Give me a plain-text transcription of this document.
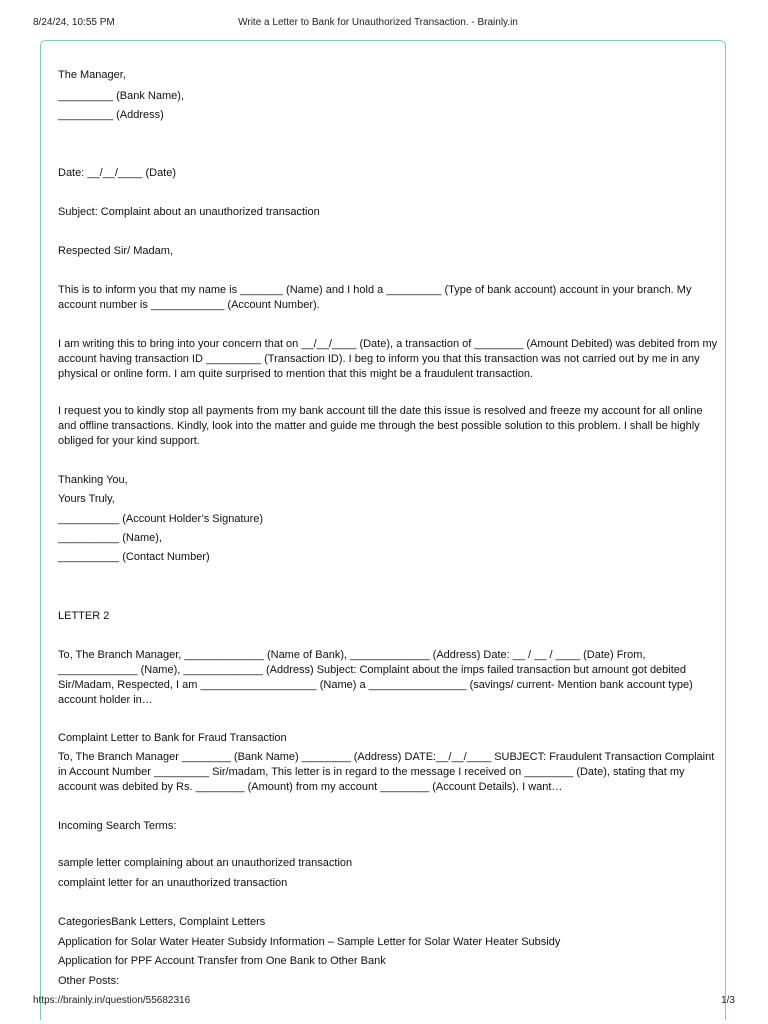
8/24/24, 10:55 PM	Write a Letter to Bank for Unauthorized Transaction. - Brainly.in
The Manager,
_________ (Bank Name),
_________ (Address)
Date: __/__/____ (Date)
Subject: Complaint about an unauthorized transaction
Respected Sir/ Madam,
This is to inform you that my name is _______ (Name) and I hold a _________ (Type of bank account) account in your branch. My account number is ____________ (Account Number).
I am writing this to bring into your concern that on __/__/____ (Date), a transaction of ________ (Amount Debited) was debited from my account having transaction ID _________ (Transaction ID). I beg to inform you that this transaction was not carried out by me in any physical or online form. I am quite surprised to mention that this might be a fraudulent transaction.
I request you to kindly stop all payments from my bank account till the date this issue is resolved and freeze my account for all online and offline transactions. Kindly, look into the matter and guide me through the best possible solution to this problem. I shall be highly obliged for your kind support.
Thanking You,
Yours Truly,
__________ (Account Holder’s Signature)
__________ (Name),
__________ (Contact Number)
LETTER 2
To, The Branch Manager, _____________ (Name of Bank), _____________ (Address) Date: __ / __ / ____ (Date) From, _____________ (Name), _____________ (Address) Subject: Complaint about the imps failed transaction but amount got debited Sir/Madam, Respected, I am ___________________ (Name) a ________________ (savings/ current- Mention bank account type) account holder in…
Complaint Letter to Bank for Fraud Transaction
To, The Branch Manager ________ (Bank Name) ________ (Address) DATE:__/__/____ SUBJECT: Fraudulent Transaction Complaint in Account Number _________ Sir/madam, This letter is in regard to the message I received on ________ (Date), stating that my account was debited by Rs. ________ (Amount) from my account ________ (Account Details). I want…
Incoming Search Terms:
sample letter complaining about an unauthorized transaction
complaint letter for an unauthorized transaction
CategoriesBank Letters, Complaint Letters
Application for Solar Water Heater Subsidy Information – Sample Letter for Solar Water Heater Subsidy
Application for PPF Account Transfer from One Bank to Other Bank
Other Posts:
https://brainly.in/question/55682316	1/3
